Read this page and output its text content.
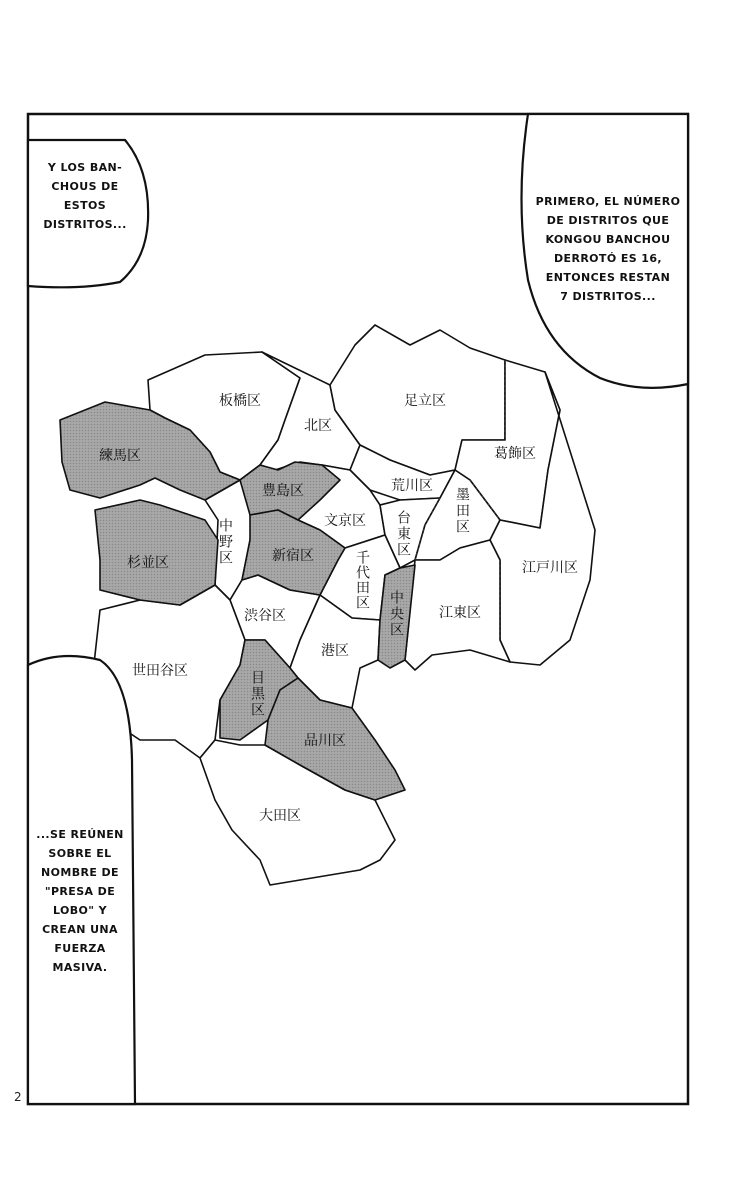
板橋区
北区
足立区
練馬区	葛飾区
豊島区	荒川区
文京区
新宿区
杉並区	江戸川区
渋谷区	江東区
港区
世田谷区
品川区
大田区
中野区	台東区	墨田区
千代田区
中央区
目黒区
Y LOS BAN-
CHOUS DE
ESTOS
DISTRITOS...
PRIMERO, EL NÚMERO
DE DISTRITOS QUE
KONGOU BANCHOU
DERROTÓ ES 16,
ENTONCES RESTAN
7 DISTRITOS...
...SE REÚNEN
SOBRE EL
NOMBRE DE
"PRESA DE
LOBO" Y
CREAN UNA
FUERZA
MASIVA.
2
